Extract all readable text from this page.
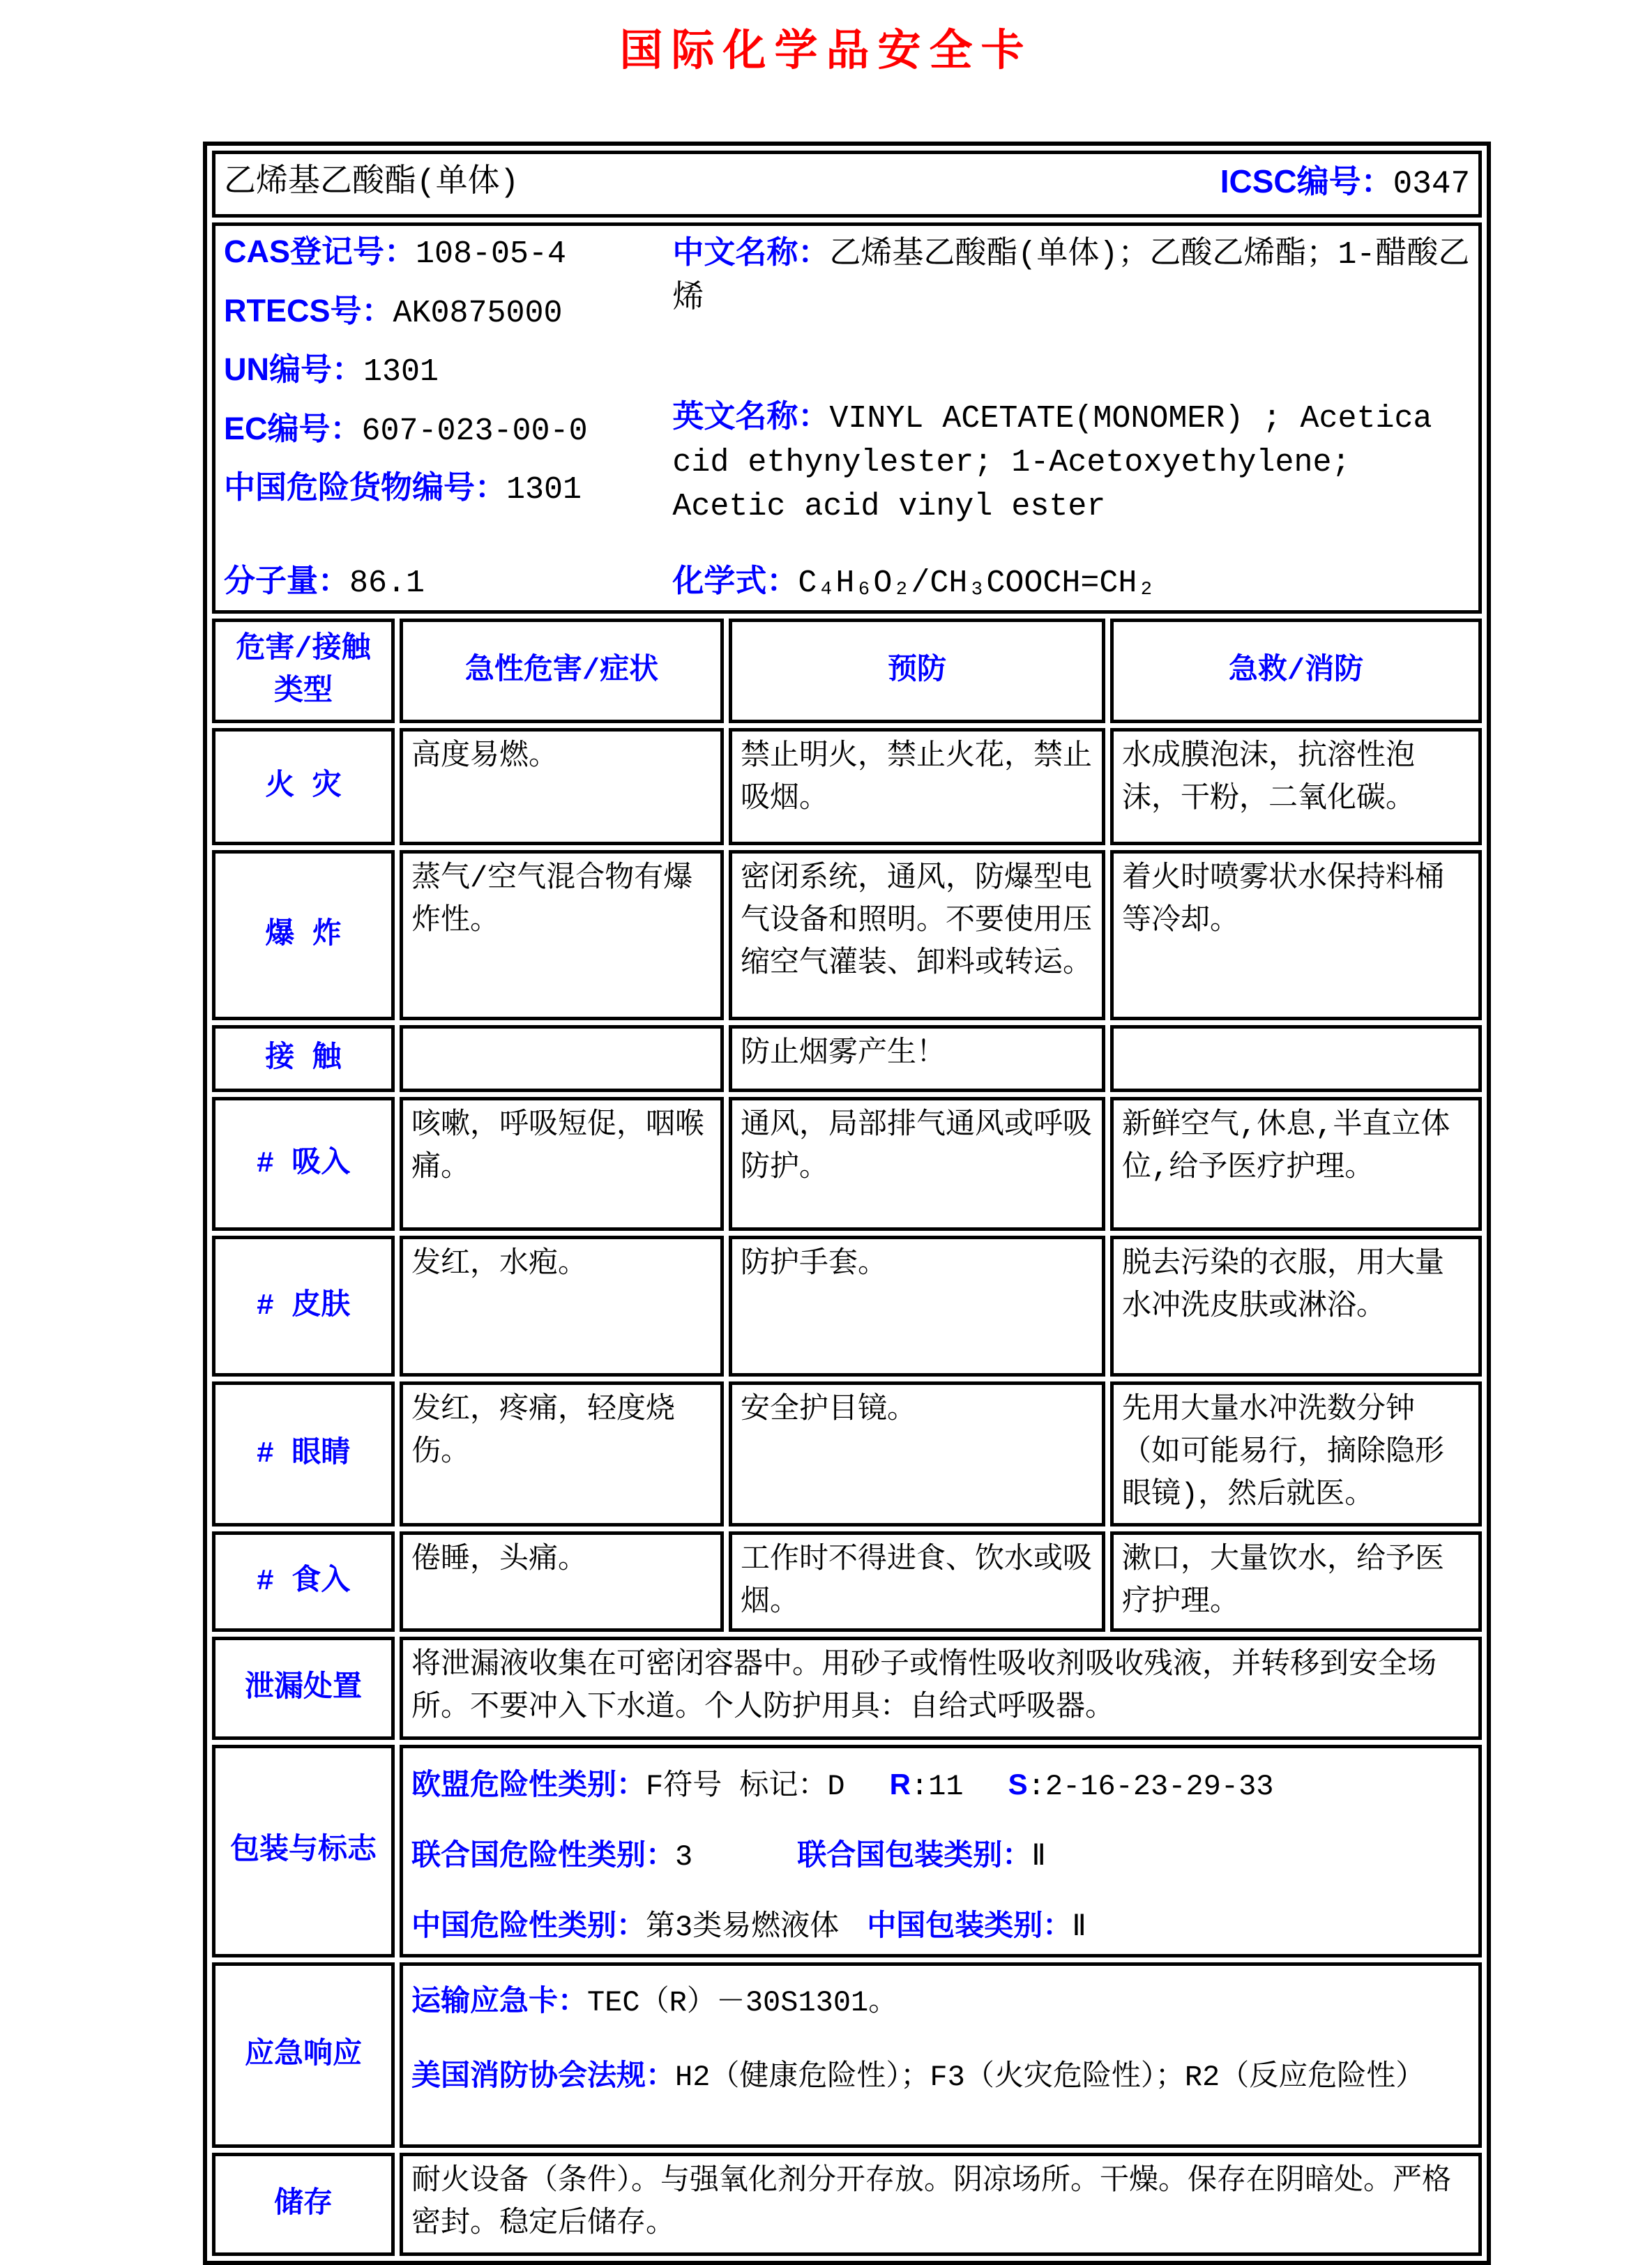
国际化学品安全卡
乙烯基乙酸酯(单体) ICSC编号：0347			

CAS登记号：108-05-4
RTECS号：AK0875000
UN编号：1301
EC编号：607-023-00-0
中国危险货物编号：1301

中文名称：乙烯基乙酸酯(单体)；乙酸乙烯酯；1-醋酸乙烯

英文名称：VINYL ACETATE(MONOMER) ; Acetica cid ethynylester; 1-Acetoxyethylene; Acetic acid vinyl ester

分子量：86.1	化学式：C₄H₆O₂/CH₃COOCH=CH₂

危害/接触类型	急性危害/症状	预防	急救/消防
火 灾	高度易燃。	禁止明火，禁止火花，禁止吸烟。	水成膜泡沫，抗溶性泡沫，干粉，二氧化碳。
爆 炸	蒸气/空气混合物有爆炸性。	密闭系统，通风，防爆型电气设备和照明。不要使用压缩空气灌装、卸料或转运。	着火时喷雾状水保持料桶等冷却。
接 触		防止烟雾产生！	
# 吸入	咳嗽，呼吸短促，咽喉痛。	通风，局部排气通风或呼吸防护。	新鲜空气,休息,半直立体位,给予医疗护理。
# 皮肤	发红，水疱。	防护手套。	脱去污染的衣服，用大量水冲洗皮肤或淋浴。
# 眼睛	发红，疼痛，轻度烧伤。	安全护目镜。	先用大量水冲洗数分钟（如可能易行，摘除隐形眼镜)，然后就医。
# 食入	倦睡，头痛。	工作时不得进食、饮水或吸烟。	漱口，大量饮水，给予医疗护理。
泄漏处置	将泄漏液收集在可密闭容器中。用砂子或惰性吸收剂吸收残液，并转移到安全场所。不要冲入下水道。个人防护用具：自给式呼吸器。		
包装与标志	欧盟危险性类别：F符号 标记：D R:11 S:2-16-23-29-33
联合国危险性类别：3 联合国包装类别：Ⅱ
中国危险性类别：第3类易燃液体 中国包装类别：Ⅱ		

应急响应	运输应急卡：TEC（R）－30S1301。
美国消防协会法规：H2（健康危险性）；F3（火灾危险性）；R2（反应危险性）		

储存	耐火设备（条件）。与强氧化剂分开存放。阴凉场所。干燥。保存在阴暗处。严格密封。稳定后储存。		
